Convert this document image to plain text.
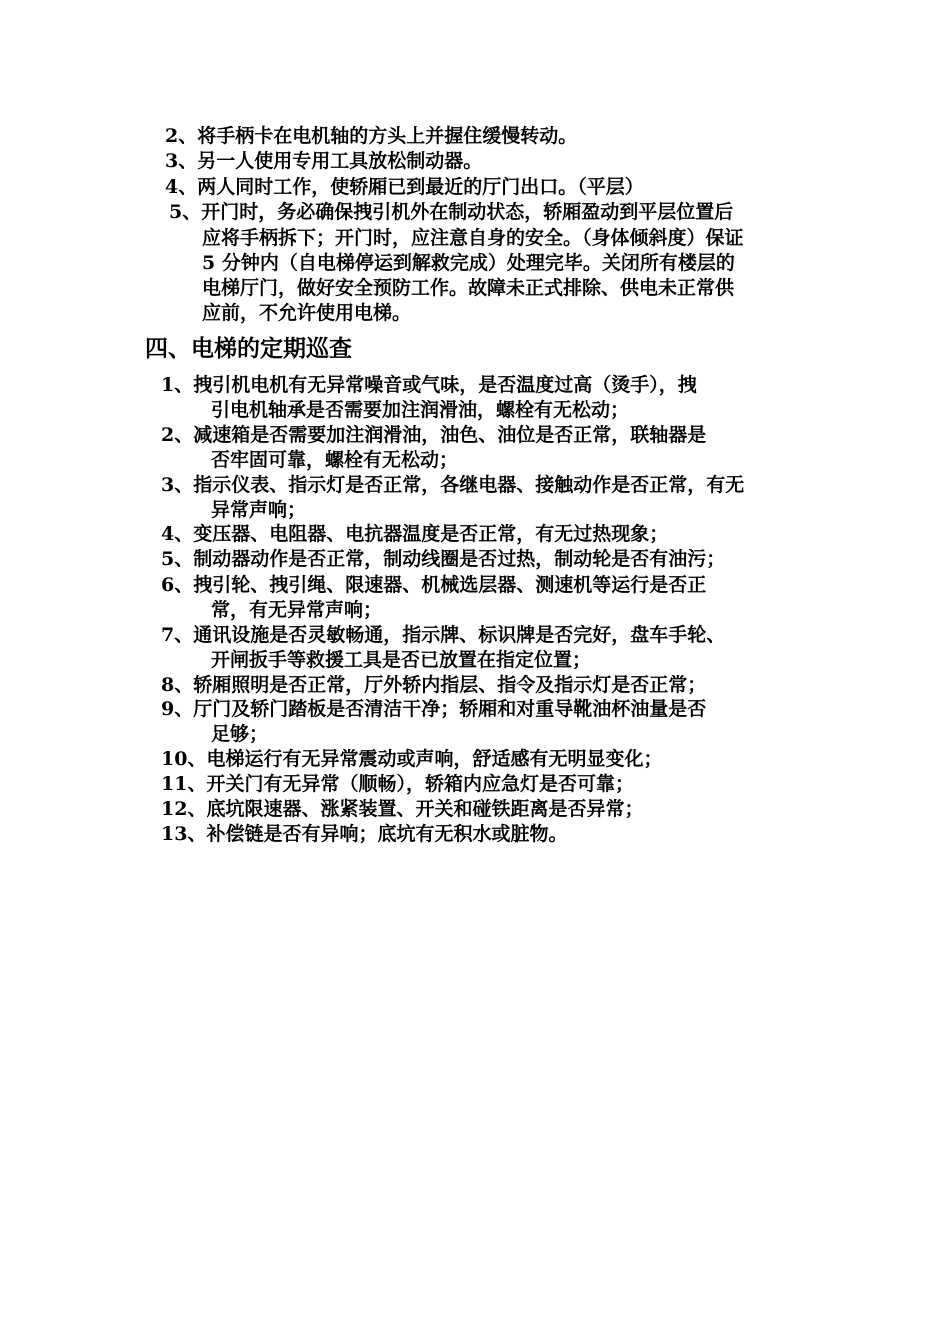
2、将手柄卡在电机轴的方头上并握住缓慢转动。
3、另一人使用专用工具放松制动器。
4、两人同时工作，使轿厢已到最近的厅门出口。（平层）
5、开门时，务必确保拽引机外在制动状态，轿厢盈动到平层位置后
应将手柄拆下；开门时，应注意自身的安全。（身体倾斜度）保证
5 分钟内（自电梯停运到解救完成）处理完毕。关闭所有楼层的
电梯厅门，做好安全预防工作。故障未正式排除、供电未正常供
应前，不允许使用电梯。
四、电梯的定期巡查
1、拽引机电机有无异常噪音或气味，是否温度过高（烫手），拽
引电机轴承是否需要加注润滑油，螺栓有无松动；
2、减速箱是否需要加注润滑油，油色、油位是否正常，联轴器是
否牢固可靠，螺栓有无松动；
3、指示仪表、指示灯是否正常，各继电器、接触动作是否正常，有无
异常声响；
4、变压器、电阻器、电抗器温度是否正常，有无过热现象；
5、制动器动作是否正常，制动线圈是否过热，制动轮是否有油污；
6、拽引轮、拽引绳、限速器、机械选层器、测速机等运行是否正
常，有无异常声响；
7、通讯设施是否灵敏畅通，指示牌、标识牌是否完好，盘车手轮、
开闸扳手等救援工具是否已放置在指定位置；
8、轿厢照明是否正常，厅外轿内指层、指令及指示灯是否正常；
9、厅门及轿门踏板是否清洁干净；轿厢和对重导靴油杯油量是否
足够；
10、电梯运行有无异常震动或声响，舒适感有无明显变化；
11、开关门有无异常（顺畅），轿箱内应急灯是否可靠；
12、底坑限速器、涨紧装置、开关和碰铁距离是否异常；
13、补偿链是否有异响；底坑有无积水或脏物。
